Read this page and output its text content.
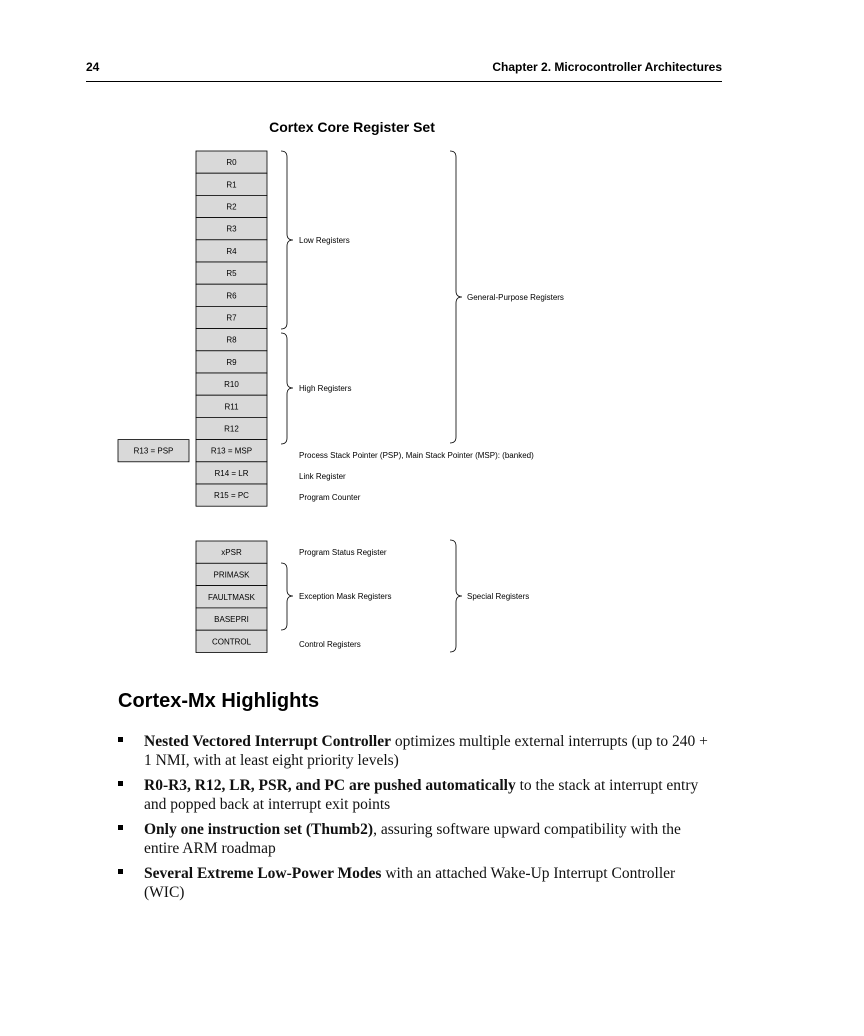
24	Chapter 2. Microcontroller Architectures
Cortex Core Register Set
R0
R1
R2
R3
R4
R5
R6
R7
R8
R9
R10
R11
R12
R13 = MSP
R14 = LR
R15 = PC
R13 = PSP
xPSR
PRIMASK
FAULTMASK
BASEPRI
CONTROL
Low Registers
High Registers
General-Purpose Registers
Process Stack Pointer (PSP), Main Stack Pointer (MSP): (banked)
Link Register
Program Counter
Program Status Register
Exception Mask Registers
Control Registers
Special Registers
Cortex-Mx Highlights
Nested Vectored Interrupt Controller optimizes multiple external interrupts (up to 240 + 1 NMI, with at least eight priority levels)
R0-R3, R12, LR, PSR, and PC are pushed automatically to the stack at interrupt entry and popped back at interrupt exit points
Only one instruction set (Thumb2), assuring software upward compatibility with the entire ARM roadmap
Several Extreme Low-Power Modes with an attached Wake-Up Interrupt Controller (WIC)
